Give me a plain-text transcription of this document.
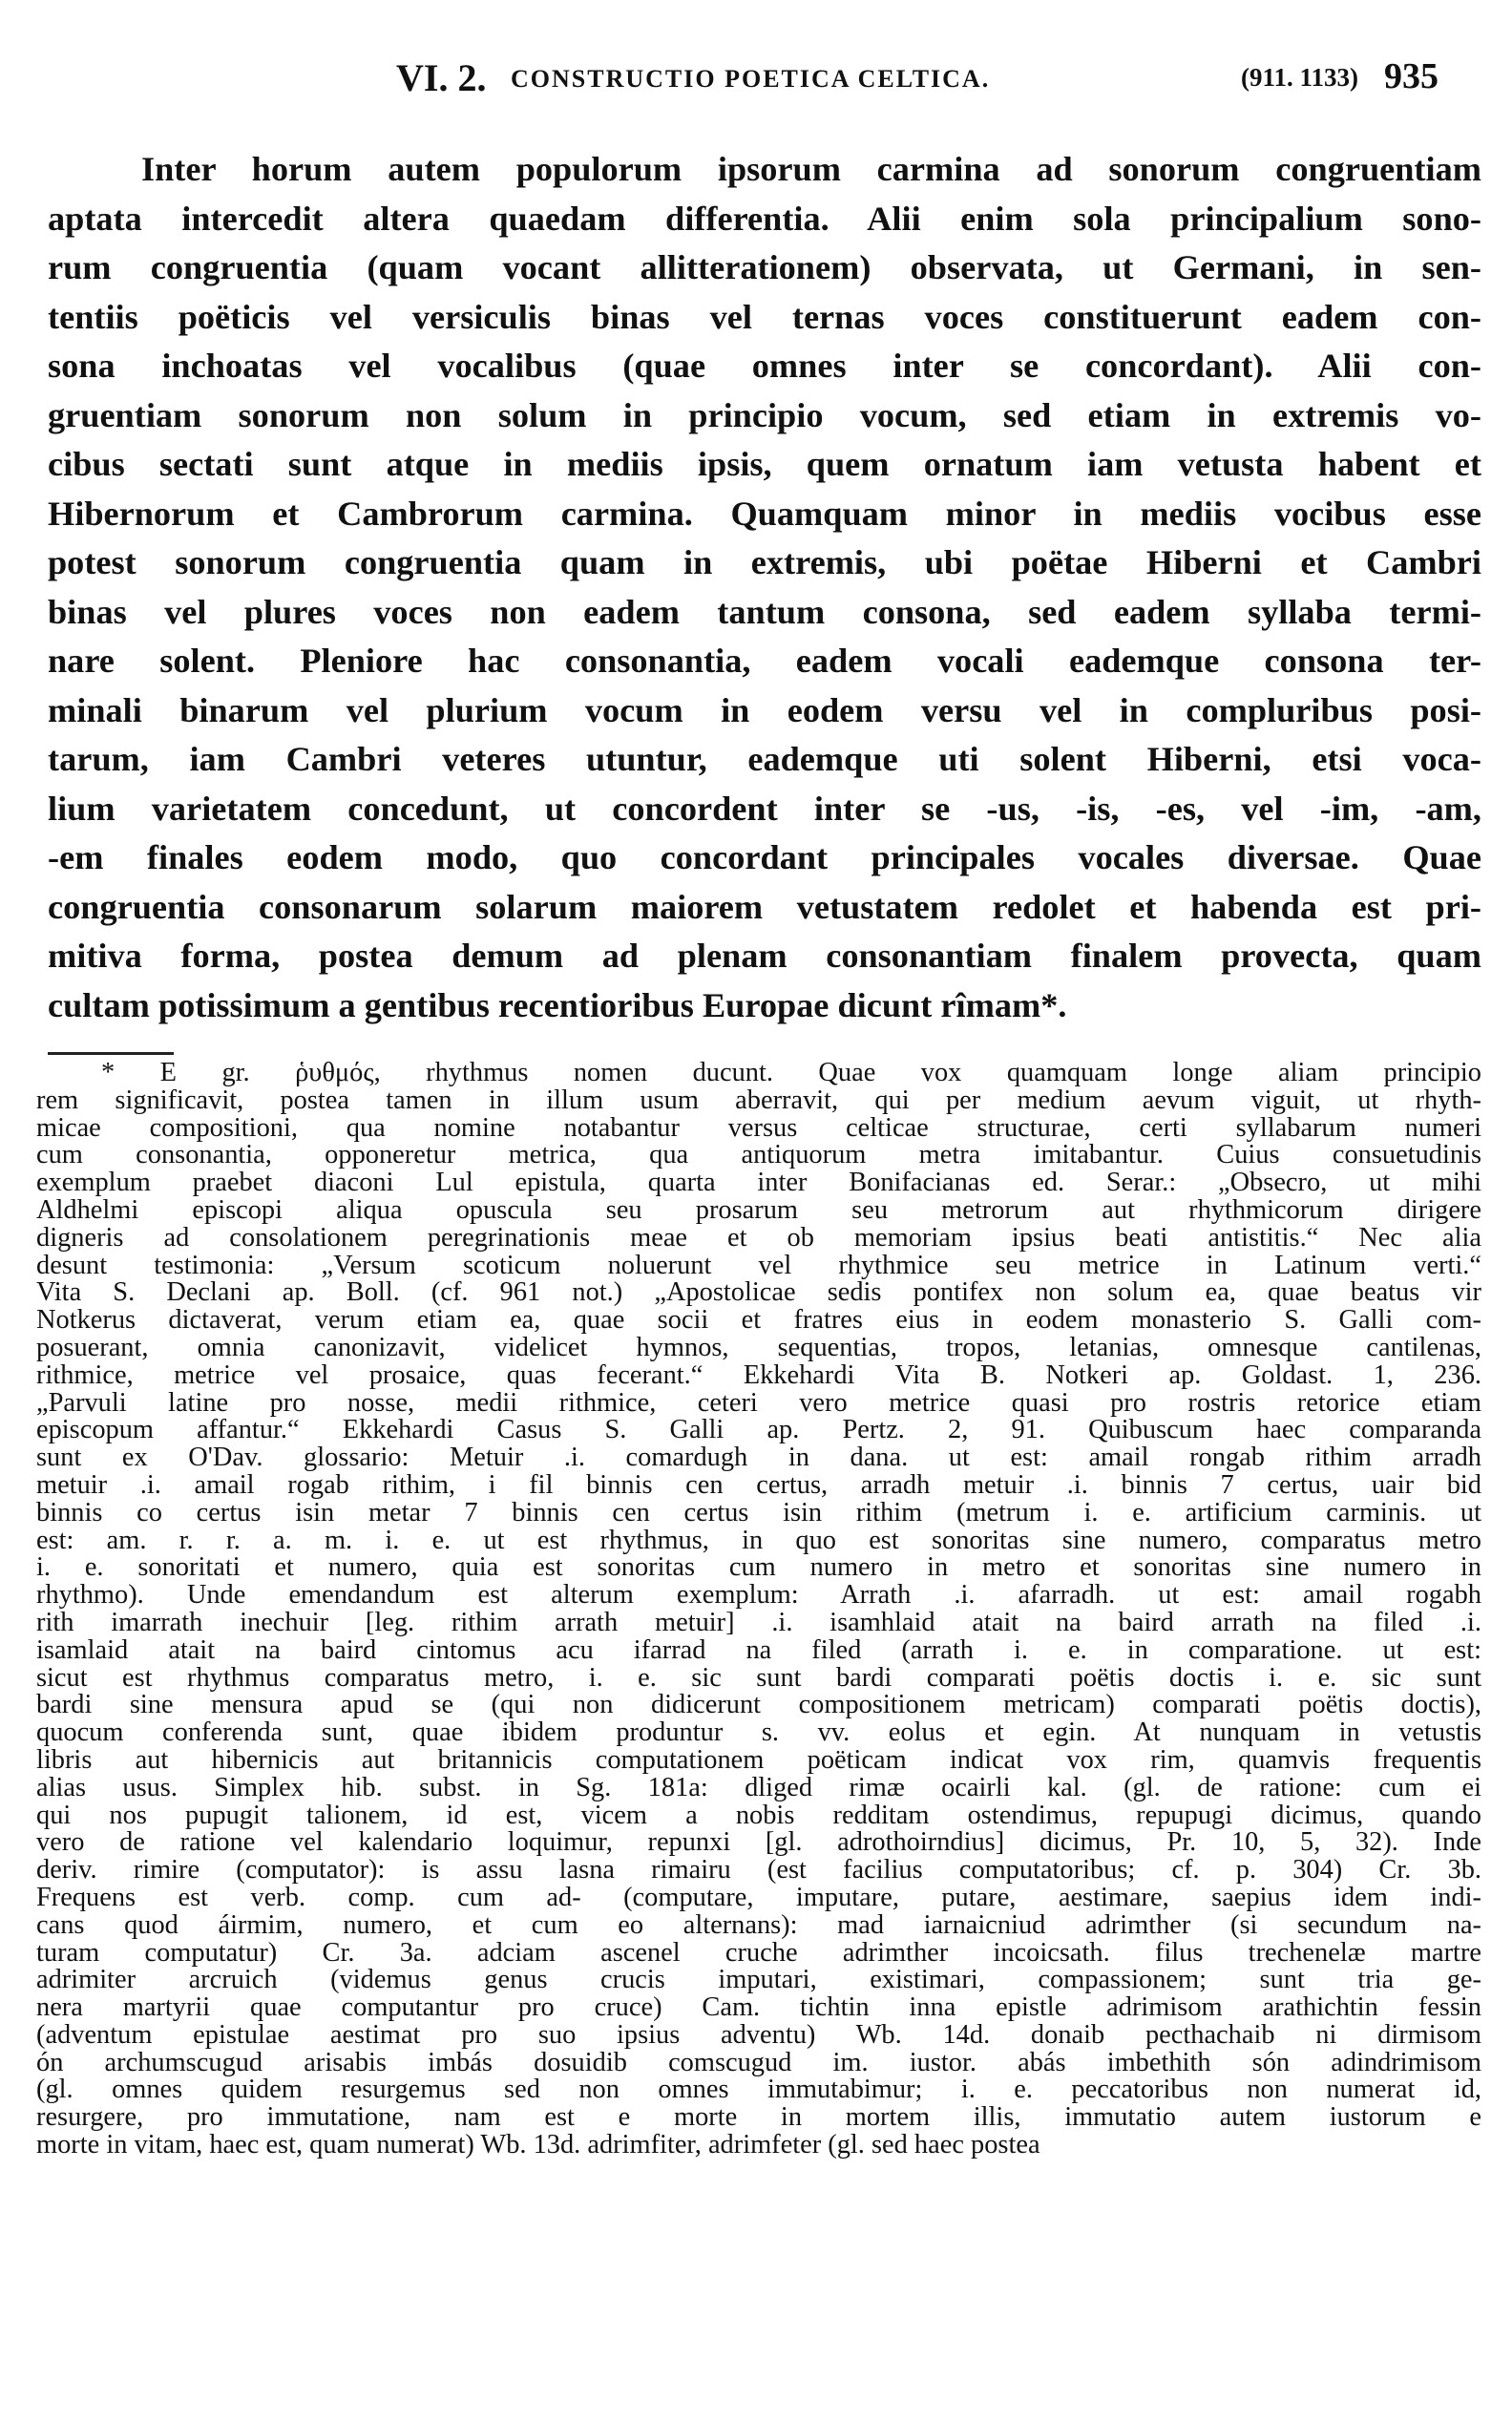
VI. 2. CONSTRUCTIO POETICA CELTICA.	(911. 1133) 935
Inter horum autem populorum ipsorum carmina ad sonorum congruentiam
aptata intercedit altera quaedam differentia. Alii enim sola principalium sono-
rum congruentia (quam vocant allitterationem) observata, ut Germani, in sen-
tentiis poëticis vel versiculis binas vel ternas voces constituerunt eadem con-
sona inchoatas vel vocalibus (quae omnes inter se concordant). Alii con-
gruentiam sonorum non solum in principio vocum, sed etiam in extremis vo-
cibus sectati sunt atque in mediis ipsis, quem ornatum iam vetusta habent et
Hibernorum et Cambrorum carmina. Quamquam minor in mediis vocibus esse
potest sonorum congruentia quam in extremis, ubi poëtae Hiberni et Cambri
binas vel plures voces non eadem tantum consona, sed eadem syllaba termi-
nare solent. Pleniore hac consonantia, eadem vocali eademque consona ter-
minali binarum vel plurium vocum in eodem versu vel in compluribus posi-
tarum, iam Cambri veteres utuntur, eademque uti solent Hiberni, etsi voca-
lium varietatem concedunt, ut concordent inter se -us, -is, -es, vel -im, -am,
-em finales eodem modo, quo concordant principales vocales diversae. Quae
congruentia consonarum solarum maiorem vetustatem redolet et habenda est pri-
mitiva forma, postea demum ad plenam consonantiam finalem provecta, quam
cultam potissimum a gentibus recentioribus Europae dicunt rîmam*.
* E gr. ῥυθμός, rhythmus nomen ducunt. Quae vox quamquam longe aliam principio
rem significavit, postea tamen in illum usum aberravit, qui per medium aevum viguit, ut rhyth-
micae compositioni, qua nomine notabantur versus celticae structurae, certi syllabarum numeri
cum consonantia, opponeretur metrica, qua antiquorum metra imitabantur. Cuius consuetudinis
exemplum praebet diaconi Lul epistula, quarta inter Bonifacianas ed. Serar.: „Obsecro, ut mihi
Aldhelmi episcopi aliqua opuscula seu prosarum seu metrorum aut rhythmicorum dirigere
digneris ad consolationem peregrinationis meae et ob memoriam ipsius beati antistitis.“ Nec alia
desunt testimonia: „Versum scoticum noluerunt vel rhythmice seu metrice in Latinum verti.“
Vita S. Declani ap. Boll. (cf. 961 not.) „Apostolicae sedis pontifex non solum ea, quae beatus vir
Notkerus dictaverat, verum etiam ea, quae socii et fratres eius in eodem monasterio S. Galli com-
posuerant, omnia canonizavit, videlicet hymnos, sequentias, tropos, letanias, omnesque cantilenas,
rithmice, metrice vel prosaice, quas fecerant.“ Ekkehardi Vita B. Notkeri ap. Goldast. 1, 236.
„Parvuli latine pro nosse, medii rithmice, ceteri vero metrice quasi pro rostris retorice etiam
episcopum affantur.“ Ekkehardi Casus S. Galli ap. Pertz. 2, 91. Quibuscum haec comparanda
sunt ex O'Dav. glossario: Metuir .i. comardugh in dana. ut est: amail rongab rithim arradh
metuir .i. amail rogab rithim, i fil binnis cen certus, arradh metuir .i. binnis 7 certus, uair bid
binnis co certus isin metar 7 binnis cen certus isin rithim (metrum i. e. artificium carminis. ut
est: am. r. r. a. m. i. e. ut est rhythmus, in quo est sonoritas sine numero, comparatus metro
i. e. sonoritati et numero, quia est sonoritas cum numero in metro et sonoritas sine numero in
rhythmo). Unde emendandum est alterum exemplum: Arrath .i. afarradh. ut est: amail rogabh
rith imarrath inechuir [leg. rithim arrath metuir] .i. isamhlaid atait na baird arrath na filed .i.
isamlaid atait na baird cintomus acu ifarrad na filed (arrath i. e. in comparatione. ut est:
sicut est rhythmus comparatus metro, i. e. sic sunt bardi comparati poëtis doctis i. e. sic sunt
bardi sine mensura apud se (qui non didicerunt compositionem metricam) comparati poëtis doctis),
quocum conferenda sunt, quae ibidem produntur s. vv. eolus et egin. At nunquam in vetustis
libris aut hibernicis aut britannicis computationem poëticam indicat vox rim, quamvis frequentis
alias usus. Simplex hib. subst. in Sg. 181a: dliged rimæ ocairli kal. (gl. de ratione: cum ei
qui nos pupugit talionem, id est, vicem a nobis redditam ostendimus, repupugi dicimus, quando
vero de ratione vel kalendario loquimur, repunxi [gl. adrothoirndius] dicimus, Pr. 10, 5, 32). Inde
deriv. rimire (computator): is assu lasna rimairu (est facilius computatoribus; cf. p. 304) Cr. 3b.
Frequens est verb. comp. cum ad- (computare, imputare, putare, aestimare, saepius idem indi-
cans quod áirmim, numero, et cum eo alternans): mad iarnaicniud adrimther (si secundum na-
turam computatur) Cr. 3a. adciam ascenel cruche adrimther incoicsath. filus trechenelæ martre
adrimiter arcruich (videmus genus crucis imputari, existimari, compassionem; sunt tria ge-
nera martyrii quae computantur pro cruce) Cam. tichtin inna epistle adrimisom arathichtin fessin
(adventum epistulae aestimat pro suo ipsius adventu) Wb. 14d. donaib pecthachaib ni dirmisom
ón archumscugud arisabis imbás dosuidib comscugud im. iustor. abás imbethith són adindrimisom
(gl. omnes quidem resurgemus sed non omnes immutabimur; i. e. peccatoribus non numerat id,
resurgere, pro immutatione, nam est e morte in mortem illis, immutatio autem iustorum e
morte in vitam, haec est, quam numerat) Wb. 13d. adrimfiter, adrimfeter (gl. sed haec postea
